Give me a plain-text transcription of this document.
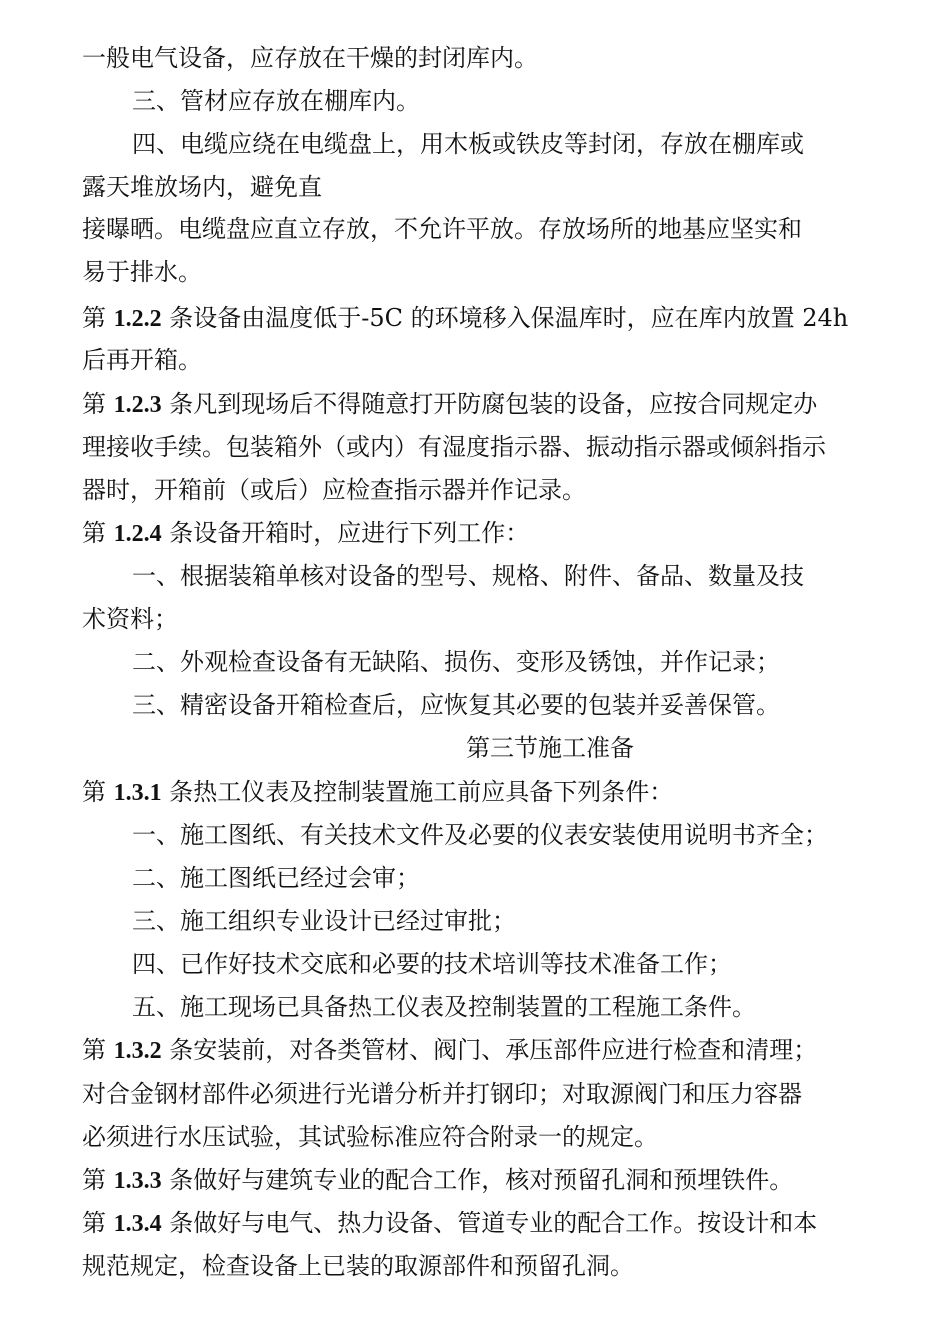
一般电气设备，应存放在干燥的封闭库内。
三、管材应存放在棚库内。
四、电缆应绕在电缆盘上，用木板或铁皮等封闭，存放在棚库或
露天堆放场内，避免直
接曝晒。电缆盘应直立存放，不允许平放。存放场所的地基应坚实和
易于排水。
第 1.2.2 条设备由温度低于-5C 的环境移入保温库时，应在库内放置 24h
后再开箱。
第 1.2.3 条凡到现场后不得随意打开防腐包装的设备，应按合同规定办
理接收手续。包装箱外（或内）有湿度指示器、振动指示器或倾斜指示
器时，开箱前（或后）应检查指示器并作记录。
第 1.2.4 条设备开箱时，应进行下列工作：
一、根据装箱单核对设备的型号、规格、附件、备品、数量及技
术资料；
二、外观检查设备有无缺陷、损伤、变形及锈蚀，并作记录；
三、精密设备开箱检查后，应恢复其必要的包装并妥善保管。
第三节施工准备
第 1.3.1 条热工仪表及控制装置施工前应具备下列条件：
一、施工图纸、有关技术文件及必要的仪表安装使用说明书齐全；
二、施工图纸已经过会审；
三、施工组织专业设计已经过审批；
四、已作好技术交底和必要的技术培训等技术准备工作；
五、施工现场已具备热工仪表及控制装置的工程施工条件。
第 1.3.2 条安装前，对各类管材、阀门、承压部件应进行检查和清理；
对合金钢材部件必须进行光谱分析并打钢印；对取源阀门和压力容器
必须进行水压试验，其试验标准应符合附录一的规定。
第 1.3.3 条做好与建筑专业的配合工作，核对预留孔洞和预埋铁件。
第 1.3.4 条做好与电气、热力设备、管道专业的配合工作。按设计和本
规范规定，检查设备上已装的取源部件和预留孔洞。
